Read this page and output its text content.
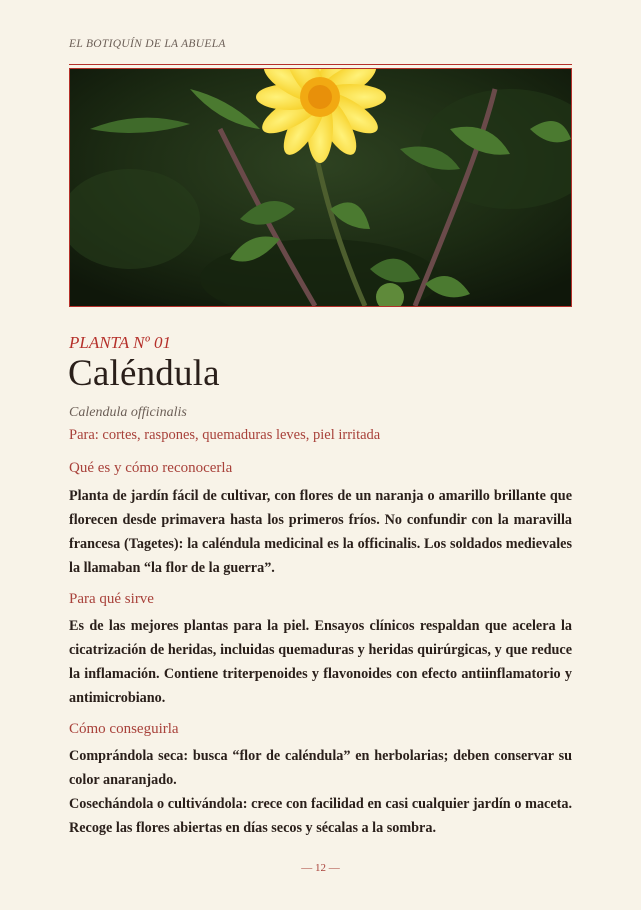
EL BOTIQUÍN DE LA ABUELA
PLANTA Nº 01
Caléndula
Calendula officinalis
Para: cortes, raspones, quemaduras leves, piel irritada
Qué es y cómo reconocerla

Planta de jardín fácil de cultivar, con flores de un naranja o amarillo brillante que florecen desde primavera hasta los primeros fríos. No confundir con la maravilla francesa (Tagetes): la caléndula medicinal es la officinalis. Los soldados medievales la llamaban “la flor de la guerra”.

Para qué sirve

Es de las mejores plantas para la piel. Ensayos clínicos respaldan que acelera la cicatrización de heridas, incluidas quemaduras y heridas quirúrgicas, y que reduce la inflamación. Contiene triterpenoides y flavonoides con efecto antiinflamatorio y antimicrobiano.

Cómo conseguirla

Comprándola seca: busca “flor de caléndula” en herbolarias; deben conservar su color anaranjado.

Cosechándola o cultivándola: crece con facilidad en casi cualquier jardín o maceta. Recoge las flores abiertas en días secos y sécalas a la sombra.

— 12 —
